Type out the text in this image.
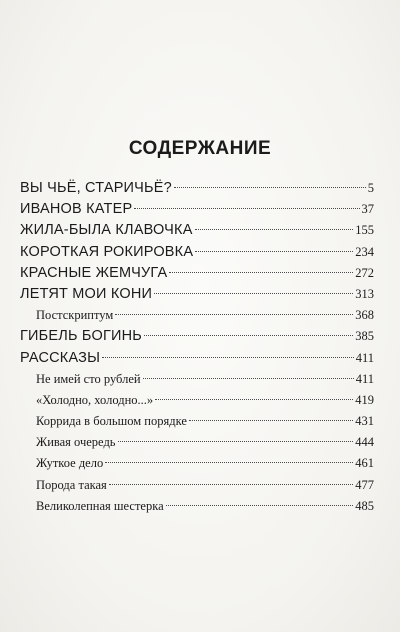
СОДЕРЖАНИЕ
ВЫ ЧЬЁ, СТАРИЧЬЁ?	5
ИВАНОВ КАТЕР	37
ЖИЛА-БЫЛА КЛАВОЧКА	155
КОРОТКАЯ РОКИРОВКА	234
КРАСНЫЕ ЖЕМЧУГА	272
ЛЕТЯТ МОИ КОНИ	313
Постскриптум	368
ГИБЕЛЬ БОГИНЬ	385
РАССКАЗЫ	411
Не имей сто рублей	411
«Холодно, холодно...»	419
Коррида в большом порядке	431
Живая очередь	444
Жуткое дело	461
Порода такая	477
Великолепная шестерка	485
